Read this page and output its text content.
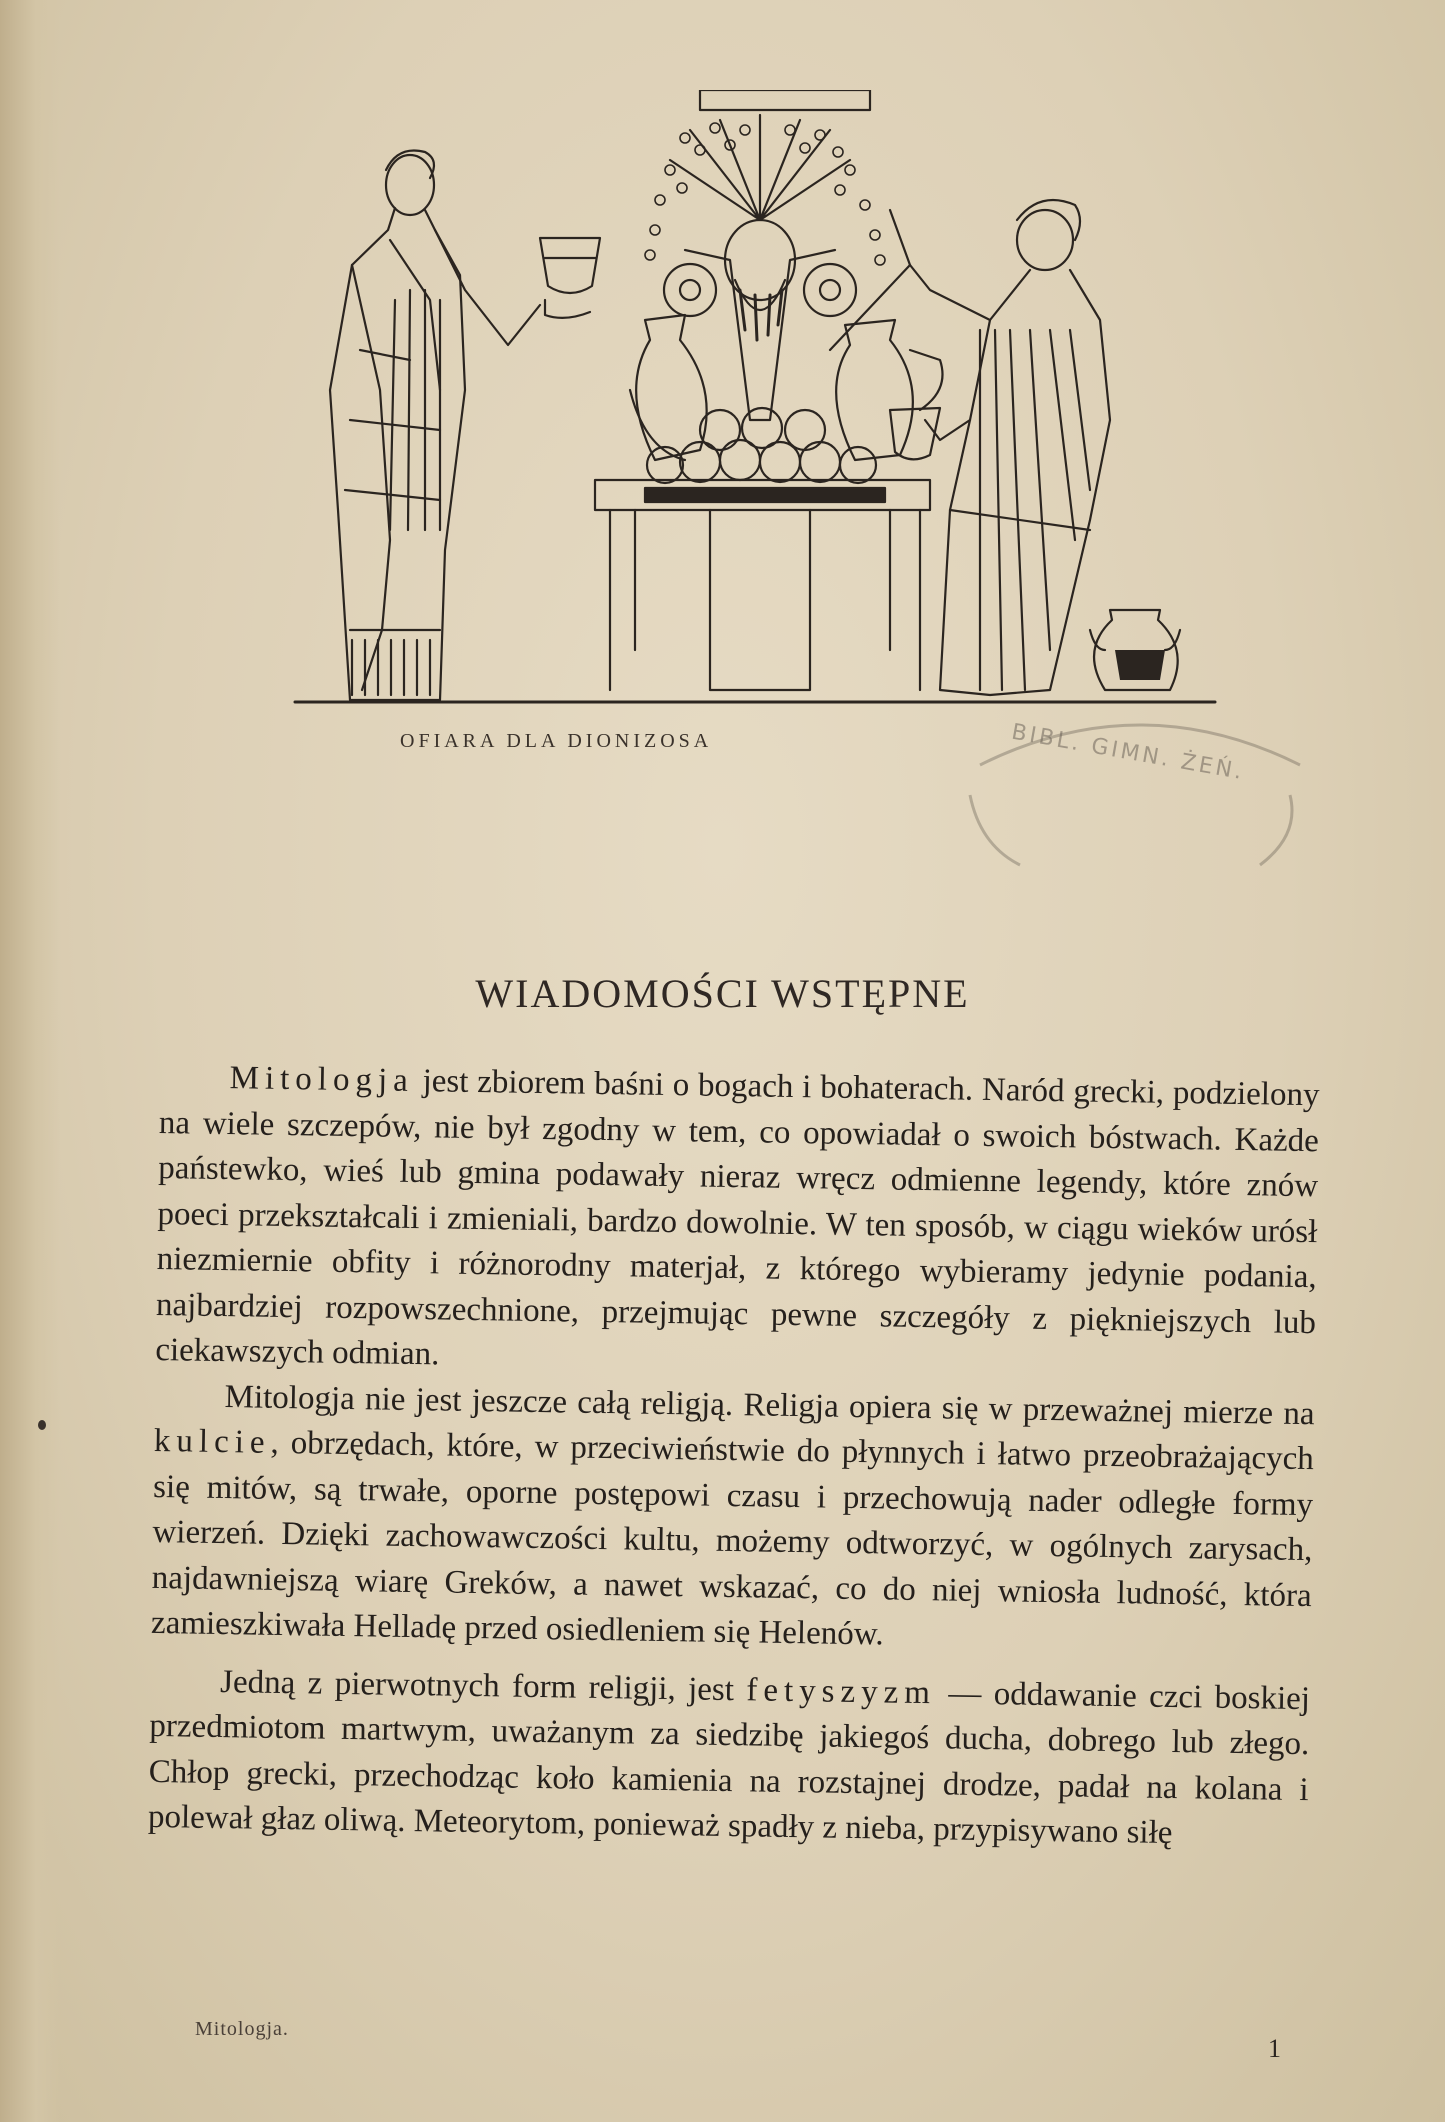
OFIARA DLA DIONIZOSA	BIBL. GIMN. ŻEŃ.
WIADOMOŚCI WSTĘPNE

Mitologja jest zbiorem baśni o bogach i bohaterach. Naród grecki, podzielony na wiele szczepów, nie był zgodny w tem, co opowiadał o swoich bóstwach. Każde państewko, wieś lub gmina podawały nieraz wręcz odmienne legendy, które znów poeci przekształcali i zmieniali, bardzo dowolnie. W ten sposób, w ciągu wieków urósł niezmiernie obfity i różnorodny materjał, z którego wybieramy jedynie podania, najbardziej rozpowszechnione, przejmując pewne szczegóły z piękniejszych lub ciekawszych odmian.

Mitologja nie jest jeszcze całą religją. Religja opiera się w przeważnej mierze na kulcie, obrzędach, które, w przeciwieństwie do płynnych i łatwo przeobrażających się mitów, są trwałe, oporne postępowi czasu i przechowują nader odległe formy wierzeń. Dzięki zachowawczości kultu, możemy odtworzyć, w ogólnych zarysach, najdawniejszą wiarę Greków, a nawet wskazać, co do niej wniosła ludność, która zamieszkiwała Helladę przed osiedleniem się Helenów.

Jedną z pierwotnych form religji, jest fetyszyzm — oddawanie czci boskiej przedmiotom martwym, uważanym za siedzibę jakiegoś ducha, dobrego lub złego. Chłop grecki, przechodząc koło kamienia na rozstajnej drodze, padał na kolana i polewał głaz oliwą. Meteorytom, ponieważ spadły z nieba, przypisywano siłę

Mitologja.
1
